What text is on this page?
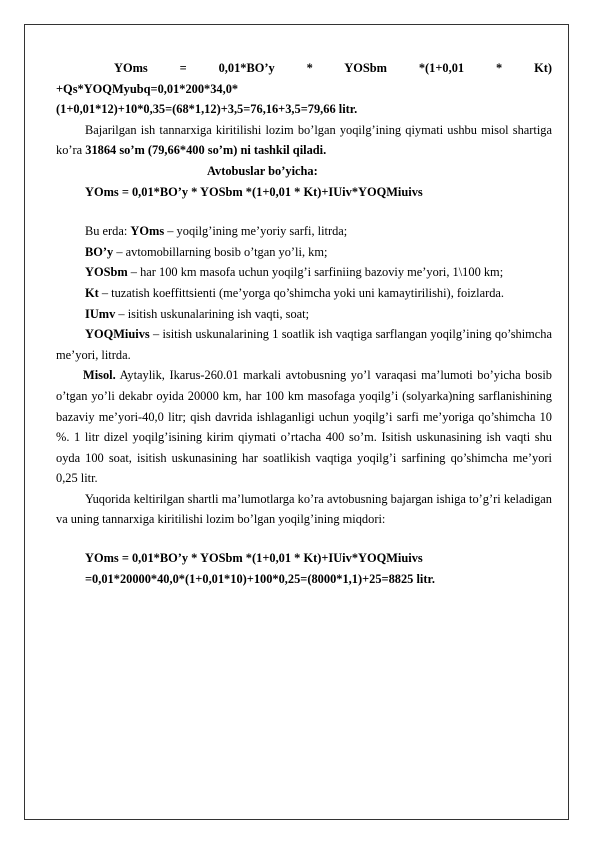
YOms = 0,01*BO’y * YOSbm *(1+0,01 * Kt)

+Qs*YOQMyubq=0,01*200*34,0*

(1+0,01*12)+10*0,35=(68*1,12)+3,5=76,16+3,5=79,66 litr.

Bajarilgan ish tannarxiga kiritilishi lozim bo’lgan yoqilg’ining qiymati ushbu misol shartiga ko’ra 31864 so’m (79,66*400 so’m) ni tashkil qiladi.

Avtobuslar bo’yicha:

YOms = 0,01*BO’y * YOSbm *(1+0,01 * Kt)+IUiv*YOQMiuivs

Bu erda: YOms – yoqilg’ining me’yoriy sarfi, litrda;

BO’y – avtomobillarning bosib o’tgan yo’li, km;

YOSbm – har 100 km masofa uchun yoqilg’i sarfiniing bazoviy me’yori, 1\100 km;

Kt – tuzatish koeffittsienti (me’yorga qo’shimcha yoki uni kamaytirilishi), foizlarda.

IUmv – isitish uskunalarining ish vaqti, soat;

YOQMiuivs – isitish uskunalarining 1 soatlik ish vaqtiga sarflangan yoqilg’ining qo’shimcha me’yori, litrda.

Misol. Aytaylik, Ikarus-260.01 markali avtobusning yo’l varaqasi ma’lumoti bo’yicha bosib o’tgan yo’li dekabr oyida 20000 km, har 100 km masofaga yoqilg’i (solyarka)ning sarflanishining bazaviy me’yori-40,0 litr; qish davrida ishlaganligi uchun yoqilg’i sarfi me’yoriga qo’shimcha 10 %. 1 litr dizel yoqilg’isining kirim qiymati o’rtacha 400 so’m. Isitish uskunasining ish vaqti shu oyda 100 soat, isitish uskunasining har soatlikish vaqtiga yoqilg’i sarfining qo’shimcha me’yori 0,25 litr.

Yuqorida keltirilgan shartli ma’lumotlarga ko’ra avtobusning bajargan ishiga to’g’ri keladigan va uning tannarxiga kiritilishi lozim bo’lgan yoqilg’ining miqdori:

YOms = 0,01*BO’y * YOSbm *(1+0,01 * Kt)+IUiv*YOQMiuivs

=0,01*20000*40,0*(1+0,01*10)+100*0,25=(8000*1,1)+25=8825 litr.
